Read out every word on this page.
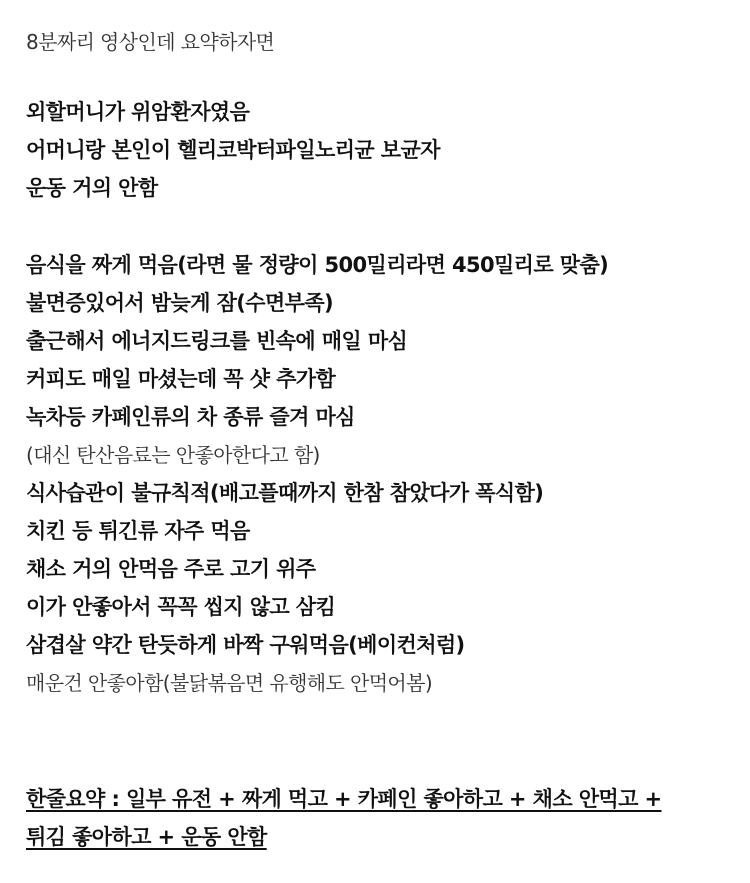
8분짜리 영상인데 요약하자면
외할머니가 위암환자였음
어머니랑 본인이 헬리코박터파일노리균 보균자
운동 거의 안함
음식을 짜게 먹음(라면 물 정량이 500밀리라면 450밀리로 맞춤)
불면증있어서 밤늦게 잠(수면부족)
출근해서 에너지드링크를 빈속에 매일 마심
커피도 매일 마셨는데 꼭 샷 추가함
녹차등 카페인류의 차 종류 즐겨 마심
(대신 탄산음료는 안좋아한다고 함)
식사습관이 불규칙적(배고플때까지 한참 참았다가 폭식함)
치킨 등 튀긴류 자주 먹음
채소 거의 안먹음 주로 고기 위주
이가 안좋아서 꼭꼭 씹지 않고 삼킴
삼겹살 약간 탄듯하게 바짝 구워먹음(베이컨처럼)
매운건 안좋아함(불닭볶음면 유행해도 안먹어봄)
한줄요약 : 일부 유전 + 짜게 먹고 + 카페인 좋아하고 + 채소 안먹고 +
튀김 좋아하고 + 운동 안함
